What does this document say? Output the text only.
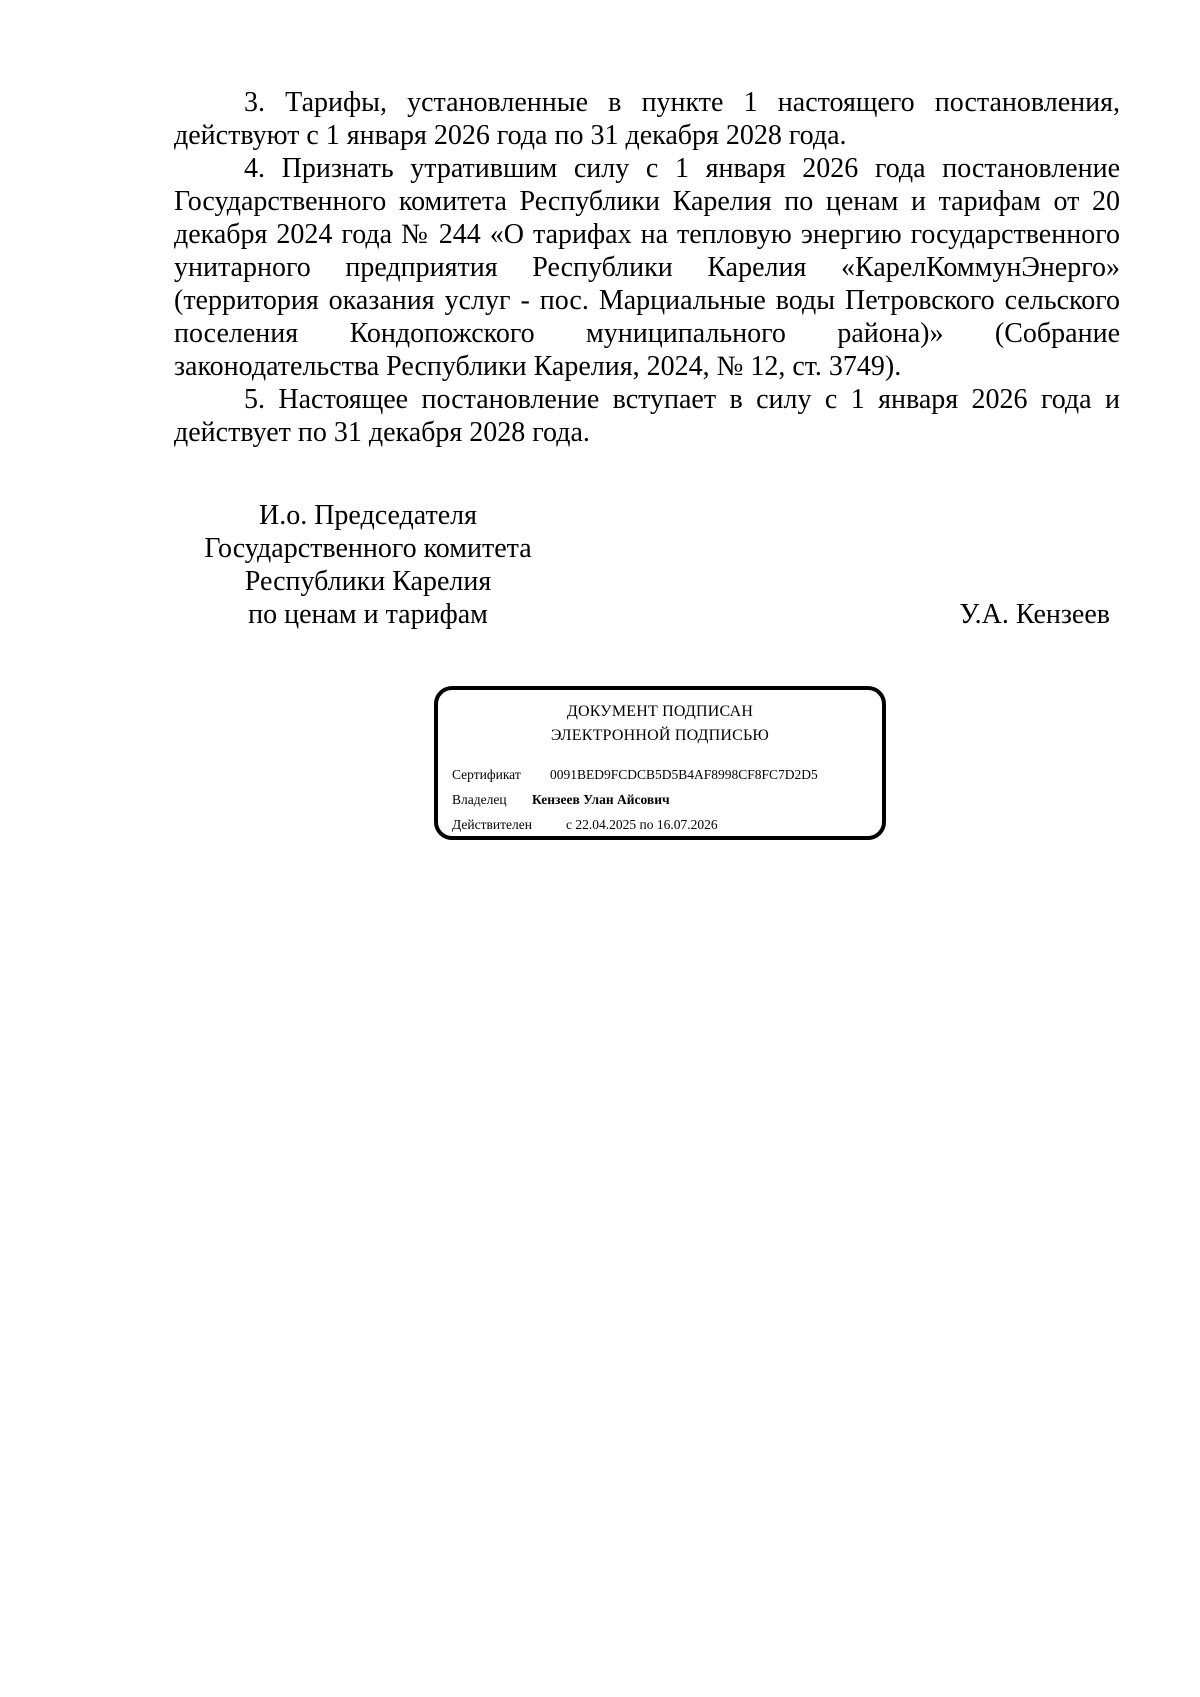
3. Тарифы, установленные в пункте 1 настоящего постановления, действуют с 1 января 2026 года по 31 декабря 2028 года.

4. Признать утратившим силу с 1 января 2026 года постановление Государственного комитета Республики Карелия по ценам и тарифам от 20 декабря 2024 года № 244 «О тарифах на тепловую энергию государственного унитарного предприятия Республики Карелия «КарелКоммунЭнерго» (территория оказания услуг - пос. Марциальные воды Петровского сельского поселения Кондопожского муниципального района)» (Собрание законодательства Республики Карелия, 2024, № 12, ст. 3749).

5. Настоящее постановление вступает в силу с 1 января 2026 года и действует по 31 декабря 2028 года.

И.о. Председателя
Государственного комитета
Республики Карелия
по ценам и тарифам	У.А. Кензеев
ДОКУМЕНТ ПОДПИСАН
ЭЛЕКТРОННОЙ ПОДПИСЬЮ
Сертификат 0091BED9FCDCB5D5B4AF8998CF8FC7D2D5
Владелец Кензеев Улан Айсович
Действителен	с 22.04.2025 по 16.07.2026
